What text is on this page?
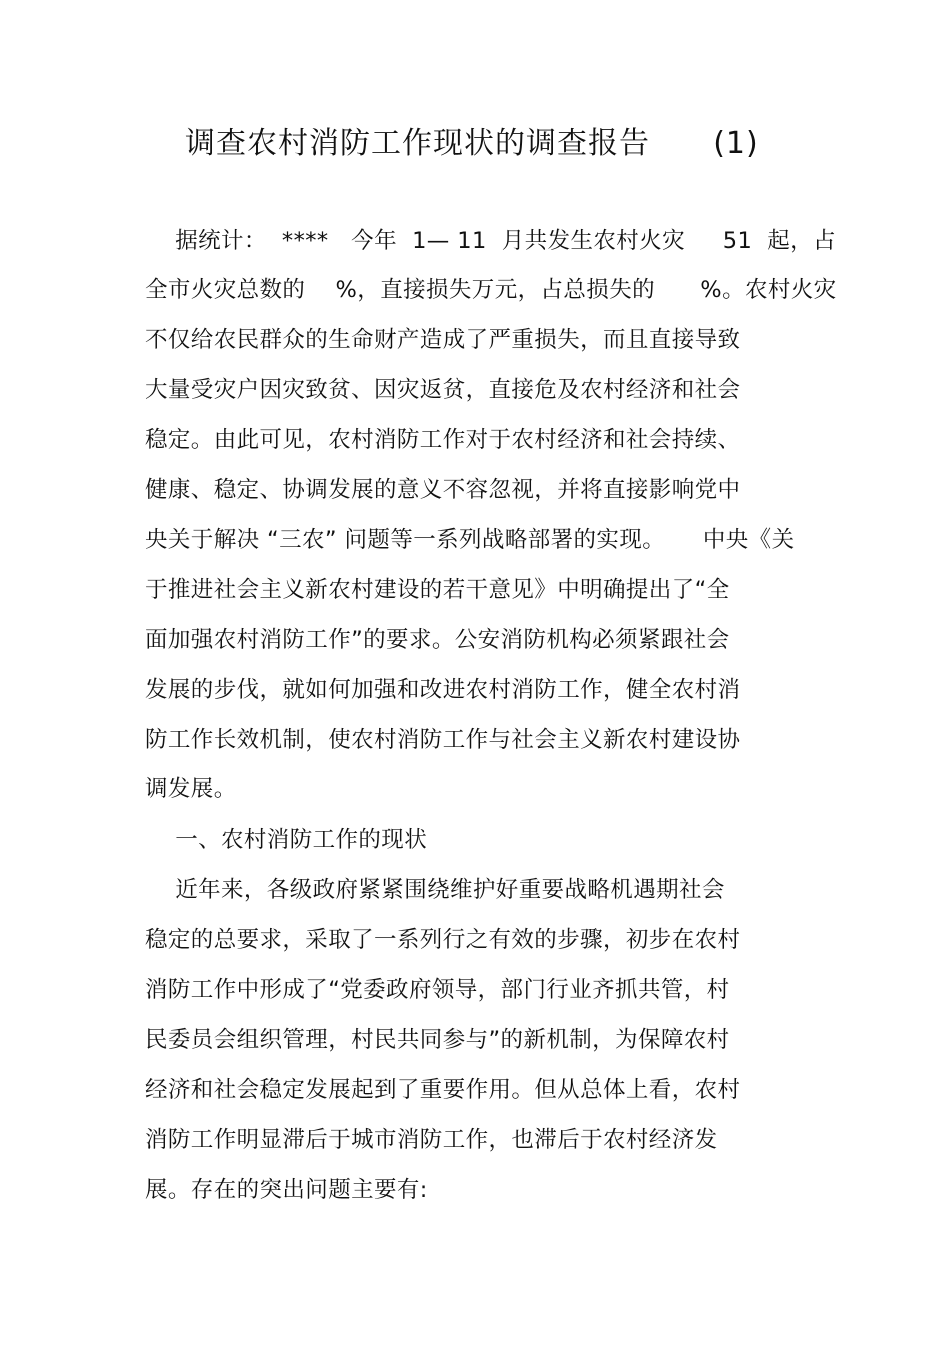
调查农村消防工作现状的调查报告      (1)
据统计：  ****   今年  1— 11  月共发生农村火灾     51  起，占
全市火灾总数的    %，直接损失万元，占总损失的      %。农村火灾
不仅给农民群众的生命财产造成了严重损失，而且直接导致
大量受灾户因灾致贫、因灾返贫，直接危及农村经济和社会
稳定。由此可见，农村消防工作对于农村经济和社会持续、
健康、稳定、协调发展的意义不容忽视，并将直接影响党中
央关于解决 “三农” 问题等一系列战略部署的实现。     中央《关
于推进社会主义新农村建设的若干意见》中明确提出了“全
面加强农村消防工作”的要求。公安消防机构必须紧跟社会
发展的步伐，就如何加强和改进农村消防工作，健全农村消
防工作长效机制，使农村消防工作与社会主义新农村建设协
调发展。
一、农村消防工作的现状
近年来，各级政府紧紧围绕维护好重要战略机遇期社会
稳定的总要求，采取了一系列行之有效的步骤，初步在农村
消防工作中形成了“党委政府领导，部门行业齐抓共管，村
民委员会组织管理，村民共同参与”的新机制，为保障农村
经济和社会稳定发展起到了重要作用。但从总体上看，农村
消防工作明显滞后于城市消防工作，也滞后于农村经济发
展。存在的突出问题主要有:
